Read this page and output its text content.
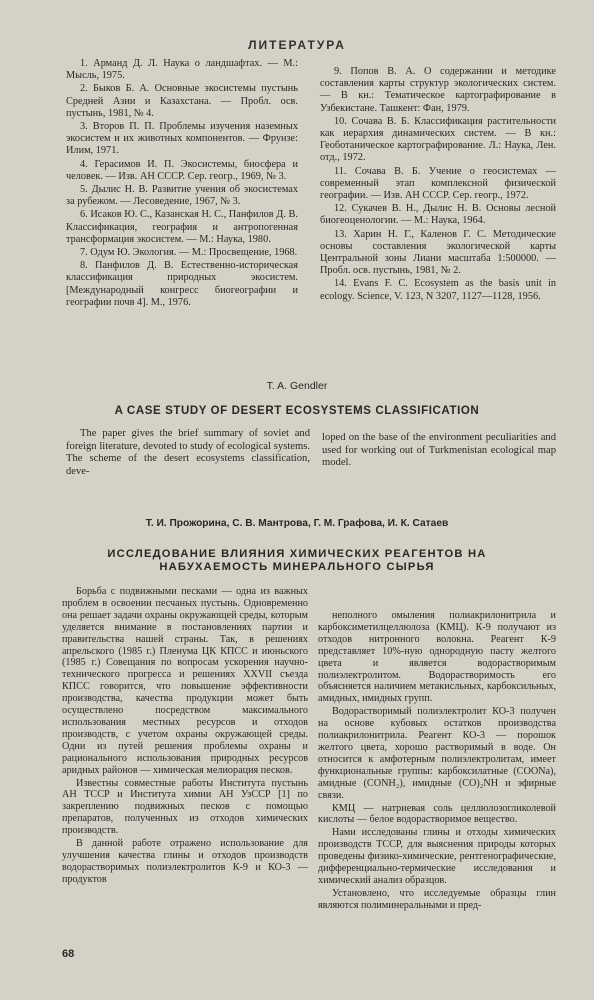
ЛИТЕРАТУРА

1. Арманд Д. Л. Наука о ландшафтах. — М.: Мысль, 1975.

2. Быков Б. А. Основные экосистемы пустынь Средней Азии и Казахстана. — Пробл. осв. пустынь, 1981, № 4.

3. Второв П. П. Проблемы изучения наземных экосистем и их животных компонентов. — Фрунзе: Илим, 1971.

4. Герасимов И. П. Экосистемы, биосфера и человек. — Изв. АН СССР. Сер. геогр., 1969, № 3.

5. Дылис Н. В. Развитие учения об экосистемах за рубежом. — Лесоведение, 1967, № 3.

6. Исаков Ю. С., Казанская Н. С., Панфилов Д. В. Классификация, география и антропогенная трансформация экосистем. — М.: Наука, 1980.

7. Одум Ю. Экология. — М.: Просвещение, 1968.

8. Панфилов Д. В. Естественно-историческая классификация природных экосистем. [Международный конгресс биогеографии и географии почв 4]. М., 1976.

9. Попов В. А. О содержании и методике составления карты структур экологических систем. — В кн.: Тематическое картографирование в Узбекистане. Ташкент: Фан, 1979.

10. Сочава В. Б. Классификация растительности как иерархия динамических систем. — В кн.: Геоботаническое картографирование. Л.: Наука, Лен. отд., 1972.

11. Сочава В. Б. Учение о геосистемах — современный этап комплексной физической географии. — Изв. АН СССР. Сер. геогр., 1972.

12. Сукачев В. Н., Дылис Н. В. Основы лесной биогеоценологии. — М.: Наука, 1964.

13. Харин Н. Г., Каленов Г. С. Методические основы составления экологической карты Центральной зоны Лиани масштаба 1:500000. — Пробл. осв. пустынь, 1981, № 2.

14. Evans F. C. Ecosystem as the basis unit in ecology. Science, V. 123, N 3207, 1127—1128, 1956.

T. A. Gendler
A CASE STUDY OF DESERT ECOSYSTEMS CLASSIFICATION

The paper gives the brief summary of soviet and foreign literature, devoted to study of ecological systems. The scheme of the desert ecosystems classification, deve-

loped on the base of the environment peculiarities and used for working out of Turkmenistan ecological map model.

Т. И. Прожорина, С. В. Мантрова, Г. М. Графова, И. К. Сатаев
ИССЛЕДОВАНИЕ ВЛИЯНИЯ ХИМИЧЕСКИХ РЕАГЕНТОВ НА НАБУХАЕМОСТЬ МИНЕРАЛЬНОГО СЫРЬЯ

Борьба с подвижными песками — одна из важных проблем в освоении песчаных пустынь. Одновременно она решает задачи охраны окружающей среды, которым уделяется внимание в постановлениях партии и правительства нашей страны. Так, в решениях апрельского (1985 г.) Пленума ЦК КПСС и июньского (1985 г.) Совещания по вопросам ускорения научно-технического прогресса и решениях XXVII съезда КПСС говорится, что повышение эффективности производства, качества продукции может быть осуществлено посредством максимального использования местных ресурсов и отходов производств, с учетом охраны окружающей среды. Одни из путей решения проблемы охраны и рационального использования природных ресурсов аридных районов — химическая мелиорация песков.

Известны совместные работы Института пустынь АН ТССР и Института химии АН УзССР [1] по закреплению подвижных песков с помощью препаратов, полученных из отходов химических производств.

В данной работе отражено использование для улучшения качества глины и отходов производств водорастворимых полиэлектролитов К-9 и КО-3 — продуктов

неполного омыления полиакрилонитрила и карбоксиметилцеллюлоза (КМЦ). К-9 получают из отходов нитронного волокна. Реагент К-9 представляет 10%-ную однородную пасту желтого цвета и является водорастворимым полиэлектролитом. Водорастворимость его объясняется наличием метакисльных, карбоксильных, амидных, имидных групп.

Водорастворимый полиэлектролит КО-3 получен на основе кубовых остатков производства полиакрилонитрила. Реагент КО-3 — порошок желтого цвета, хорошо растворимый в воде. Он относится к амфотерным полиэлектролитам, имеет функциональные группы: карбоксилатные (COONa), амидные (CONH₂), имидные (CO)₂NH и эфирные связи.

КМЦ — натриевая соль целлюлозогликолевой кислоты — белое водорастворимое вещество.

Нами исследованы глины и отходы химических производств ТССР, для выяснения природы которых проведены физико-химические, рентгенографические, дифференциально-термические исследования и химический анализ образцов.

Установлено, что исследуемые образцы глин являются полиминеральными и пред-

68
